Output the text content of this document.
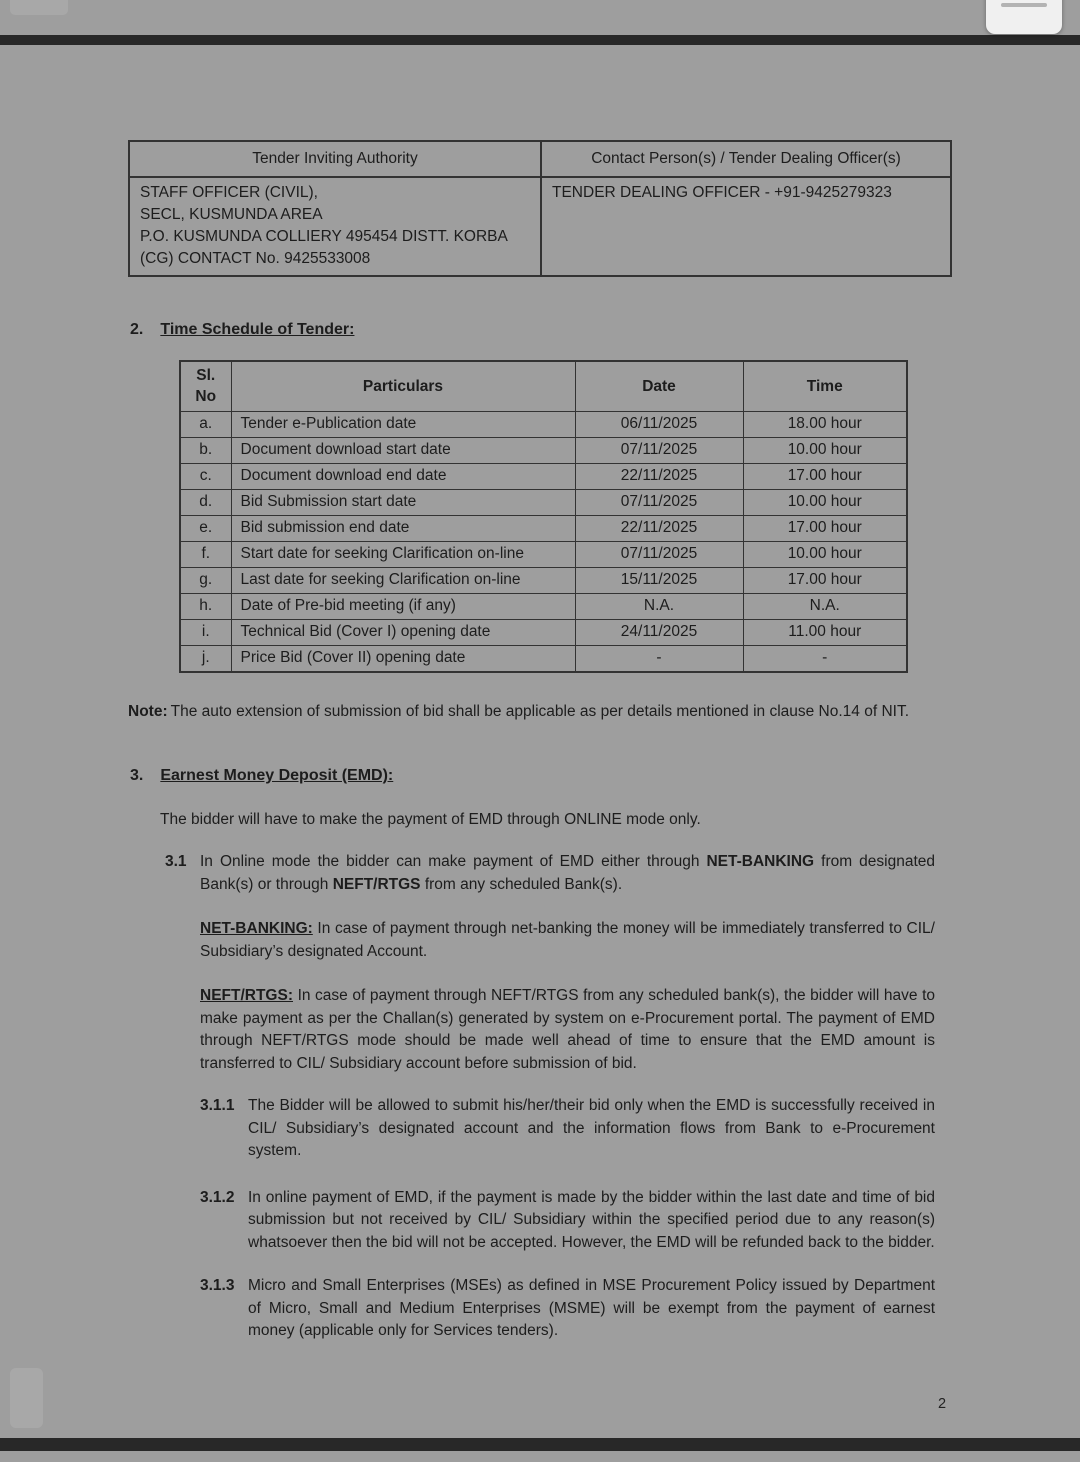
Tender Inviting Authority	Contact Person(s) / Tender Dealing Officer(s)

STAFF OFFICER (CIVIL),
SECL, KUSMUNDA AREA
P.O. KUSMUNDA COLLIERY 495454 DISTT. KORBA
(CG) CONTACT No. 9425533008	TENDER DEALING OFFICER - +91-9425279323
2. Time Schedule of Tender:
Sl.
No	Particulars	Date	Time
a.	Tender e-Publication date	06/11/2025	18.00 hour
b.	Document download start date	07/11/2025	10.00 hour
c.	Document download end date	22/11/2025	17.00 hour
d.	Bid Submission start date	07/11/2025	10.00 hour
e.	Bid submission end date	22/11/2025	17.00 hour
f.	Start date for seeking Clarification on-line	07/11/2025	10.00 hour
g.	Last date for seeking Clarification on-line	15/11/2025	17.00 hour
h.	Date of Pre-bid meeting (if any)	N.A.	N.A.
i.	Technical Bid (Cover I) opening date	24/11/2025	11.00 hour
j.	Price Bid (Cover II) opening date	-	-

Note: The auto extension of submission of bid shall be applicable as per details mentioned in clause No.14 of NIT.

3. Earnest Money Deposit (EMD):

The bidder will have to make the payment of EMD through ONLINE mode only.

3.1 In Online mode the bidder can make payment of EMD either through NET-BANKING from designated Bank(s) or through NEFT/RTGS from any scheduled Bank(s).

NET-BANKING: In case of payment through net-banking the money will be immediately transferred to CIL/ Subsidiary’s designated Account.

NEFT/RTGS: In case of payment through NEFT/RTGS from any scheduled bank(s), the bidder will have to make payment as per the Challan(s) generated by system on e-Procurement portal. The payment of EMD through NEFT/RTGS mode should be made well ahead of time to ensure that the EMD amount is transferred to CIL/ Subsidiary account before submission of bid.

3.1.1 The Bidder will be allowed to submit his/her/their bid only when the EMD is successfully received in CIL/ Subsidiary’s designated account and the information flows from Bank to e-Procurement system.
3.1.2 In online payment of EMD, if the payment is made by the bidder within the last date and time of bid submission but not received by CIL/ Subsidiary within the specified period due to any reason(s) whatsoever then the bid will not be accepted. However, the EMD will be refunded back to the bidder.
3.1.3 Micro and Small Enterprises (MSEs) as defined in MSE Procurement Policy issued by Department of Micro, Small and Medium Enterprises (MSME) will be exempt from the payment of earnest money (applicable only for Services tenders).
2
